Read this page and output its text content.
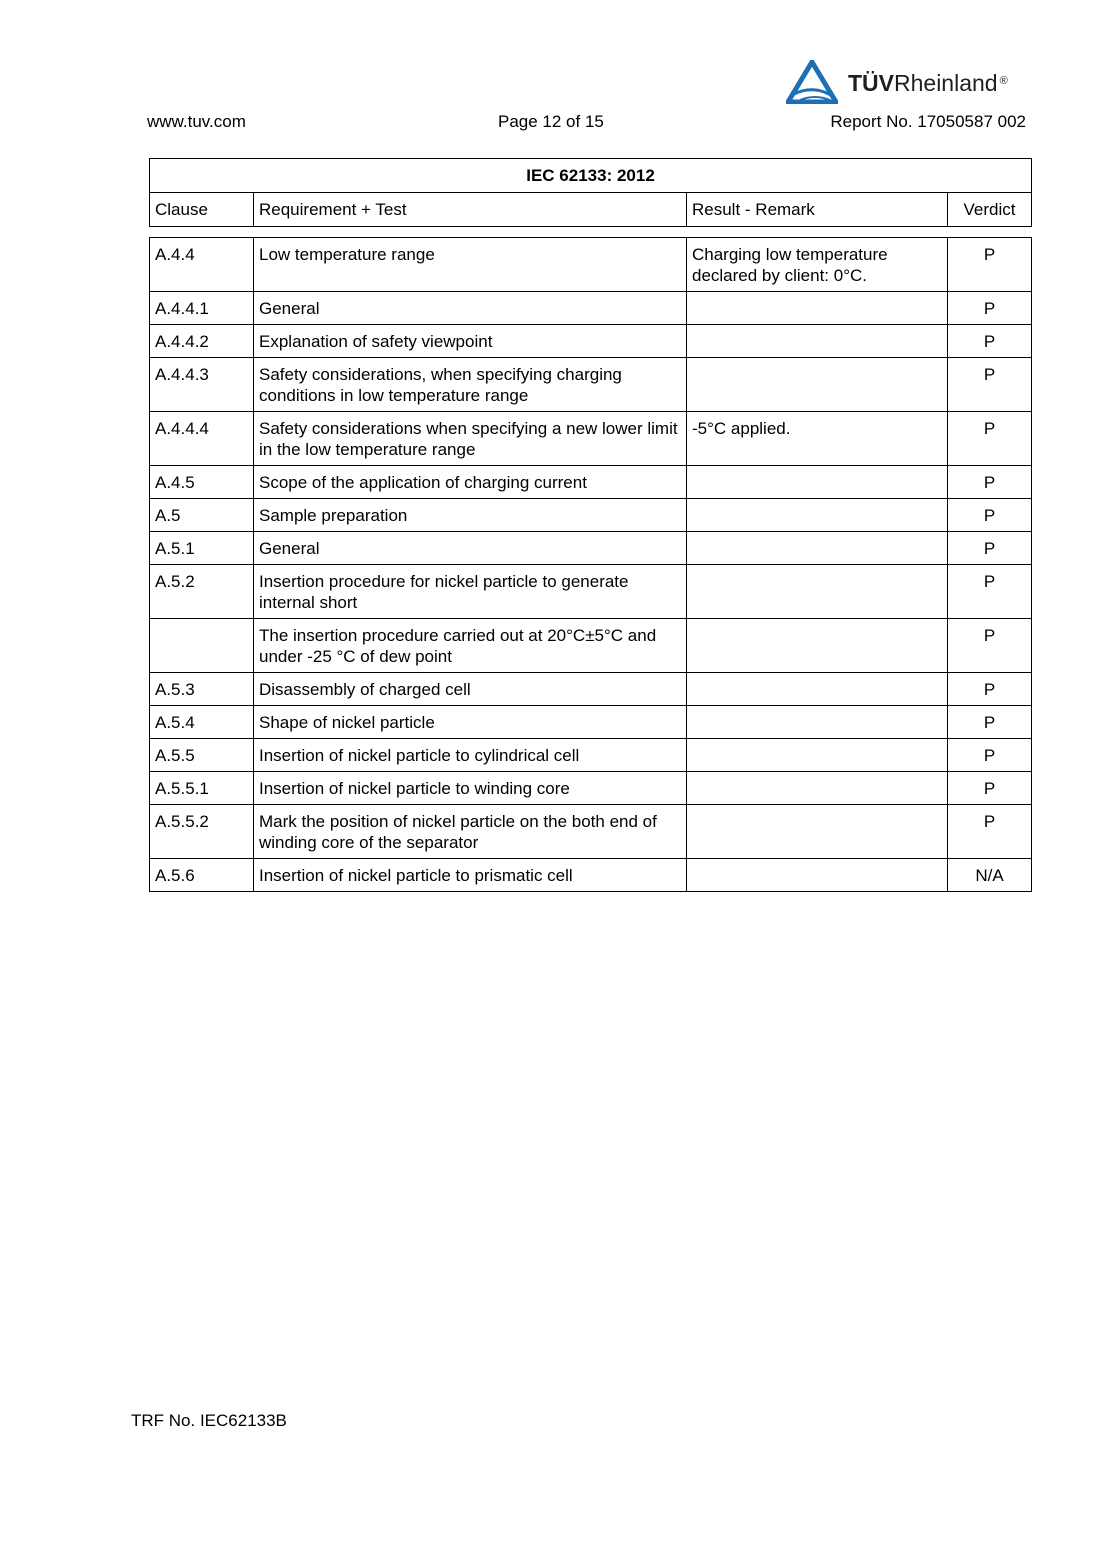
TÜVRheinland ®
www.tuv.com	Page 12 of 15	Report No. 17050587 002
IEC 62133: 2012
Clause	Requirement + Test	Result - Remark	Verdict
A.4.4	Low temperature range	Charging low temperature declared by client: 0°C.	P
A.4.4.1	General		P
A.4.4.2	Explanation of safety viewpoint		P
A.4.4.3	Safety considerations, when specifying charging conditions in low temperature range		P
A.4.4.4	Safety considerations when specifying a new lower limit in the low temperature range	-5°C applied.	P
A.4.5	Scope of the application of charging current		P
A.5	Sample preparation		P
A.5.1	General		P
A.5.2	Insertion procedure for nickel particle to generate internal short		P
	The insertion procedure carried out at 20°C±5°C and under -25 °C of dew point		P
A.5.3	Disassembly of charged cell		P
A.5.4	Shape of nickel particle		P
A.5.5	Insertion of nickel particle to cylindrical cell		P
A.5.5.1	Insertion of nickel particle to winding core		P
A.5.5.2	Mark the position of nickel particle on the both end of winding core of the separator		P
A.5.6	Insertion of nickel particle to prismatic cell		N/A
TRF No. IEC62133B
